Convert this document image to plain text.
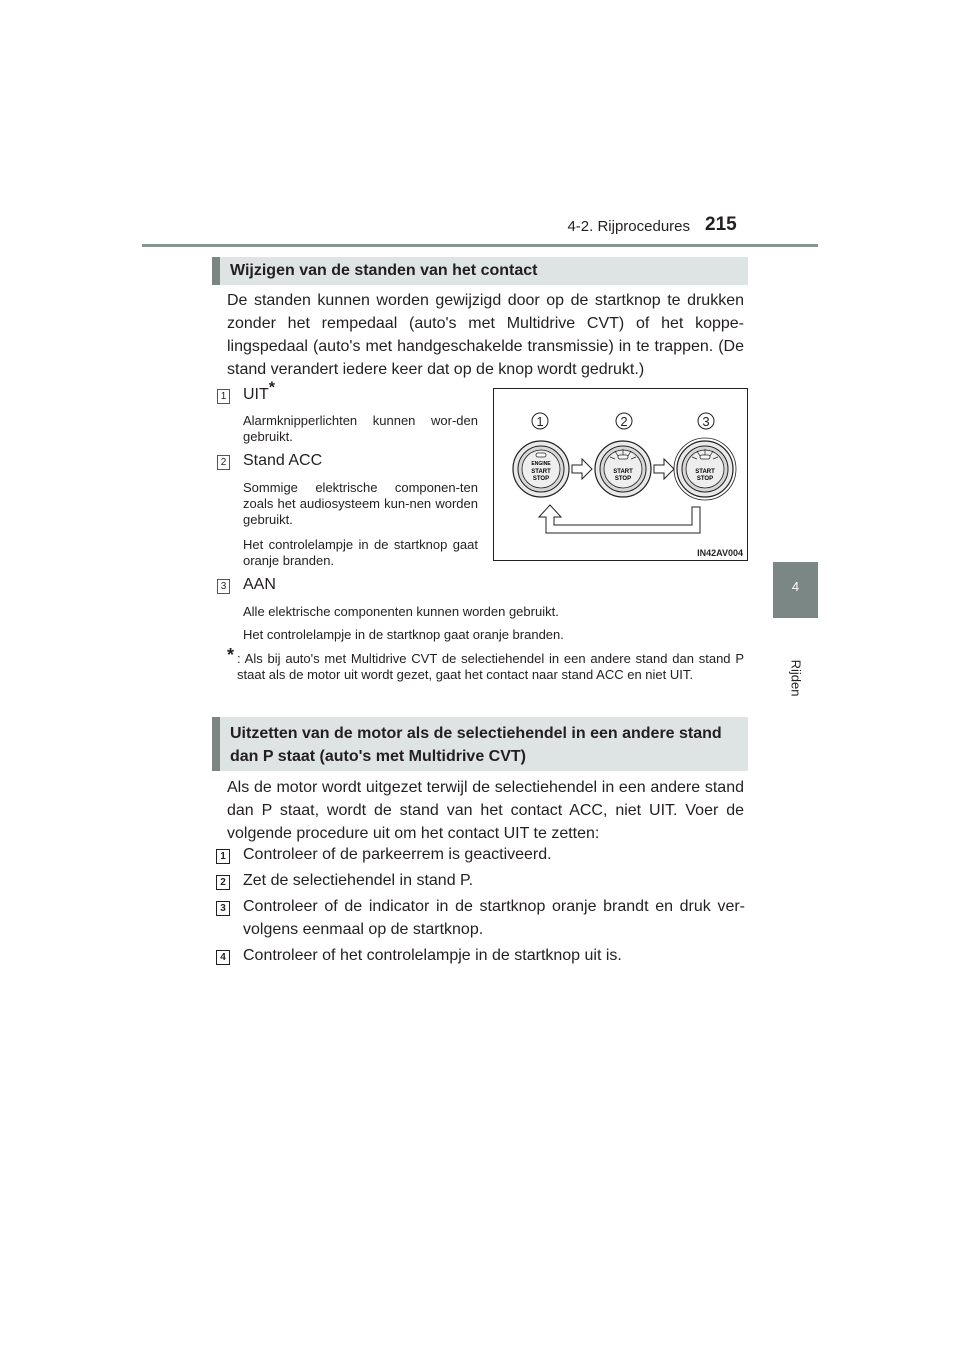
4-2. Rijprocedures 215
4
Rijden
Wijzigen van de standen van het contact
De standen kunnen worden gewijzigd door op de startknop te drukken zonder het rempedaal (auto's met Multidrive CVT) of het koppe-lingspedaal (auto's met handgeschakelde transmissie) in te trappen. (De stand verandert iedere keer dat op de knop wordt gedrukt.)
1 UIT*
Alarmknipperlichten kunnen wor-den gebruikt.
2 Stand ACC
Sommige elektrische componen-ten zoals het audiosysteem kun-nen worden gebruikt.
Het controlelampje in de startknop gaat oranje branden.
3 AAN
Alle elektrische componenten kunnen worden gebruikt.
Het controlelampje in de startknop gaat oranje branden.
* : Als bij auto's met Multidrive CVT de selectiehendel in een andere stand dan stand P staat als de motor uit wordt gezet, gaat het contact naar stand ACC en niet UIT.
1	2	3
ENGINE
START
STOP
START
STOP
START
STOP
IN42AV004
Uitzetten van de motor als de selectiehendel in een andere stand
dan P staat (auto's met Multidrive CVT)
Als de motor wordt uitgezet terwijl de selectiehendel in een andere stand dan P staat, wordt de stand van het contact ACC, niet UIT. Voer de volgende procedure uit om het contact UIT te zetten:
1 Controleer of de parkeerrem is geactiveerd.
2 Zet de selectiehendel in stand P.
3 Controleer of de indicator in de startknop oranje brandt en druk ver-volgens eenmaal op de startknop.
4 Controleer of het controlelampje in de startknop uit is.
